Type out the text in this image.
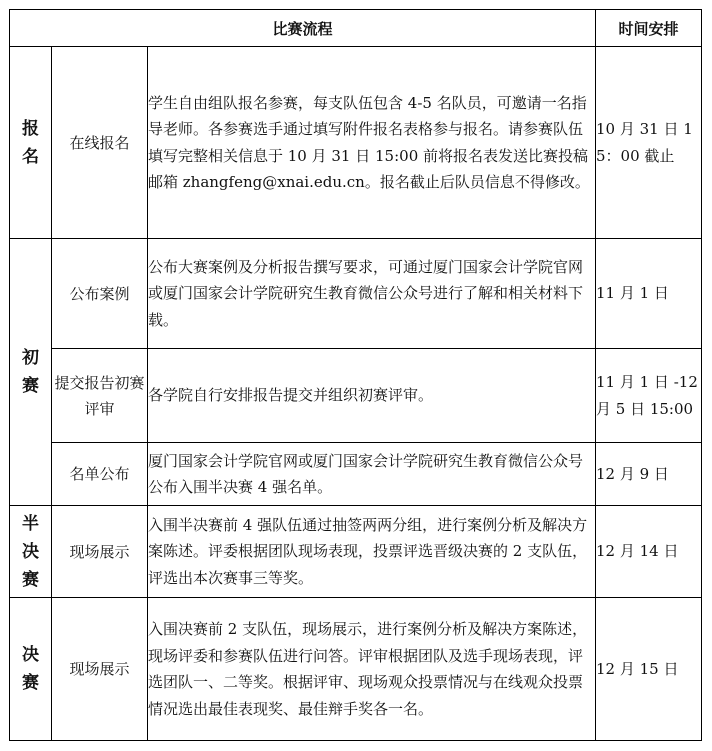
比赛流程			时间安排

报名	在线报名	学生自由组队报名参赛，每支队伍包含 4-5 名队员，可邀请一名指导老师。各参赛选手通过填写附件报名表格参与报名。请参赛队伍填写完整相关信息于 10 月 31 日 15:00 前将报名表发送比赛投稿邮箱 zhangfeng@xnai.edu.cn。报名截止后队员信息不得修改。	10 月 31 日 15：00 截止

初赛	公布案例	公布大赛案例及分析报告撰写要求，可通过厦门国家会计学院官网或厦门国家会计学院研究生教育微信公众号进行了解和相关材料下载。	11 月 1 日
	提交报告初赛评审	各学院自行安排报告提交并组织初赛评审。	11 月 1 日 -12 月 5 日 15:00
	名单公布	厦门国家会计学院官网或厦门国家会计学院研究生教育微信公众号公布入围半决赛 4 强名单。	12 月 9 日

半决赛	现场展示	入围半决赛前 4 强队伍通过抽签两两分组，进行案例分析及解决方案陈述。评委根据团队现场表现，投票评选晋级决赛的 2 支队伍，评选出本次赛事三等奖。	12 月 14 日

决赛	现场展示	入围决赛前 2 支队伍，现场展示，进行案例分析及解决方案陈述，现场评委和参赛队伍进行问答。评审根据团队及选手现场表现，评选团队一、二等奖。根据评审、现场观众投票情况与在线观众投票情况选出最佳表现奖、最佳辩手奖各一名。	12 月 15 日
